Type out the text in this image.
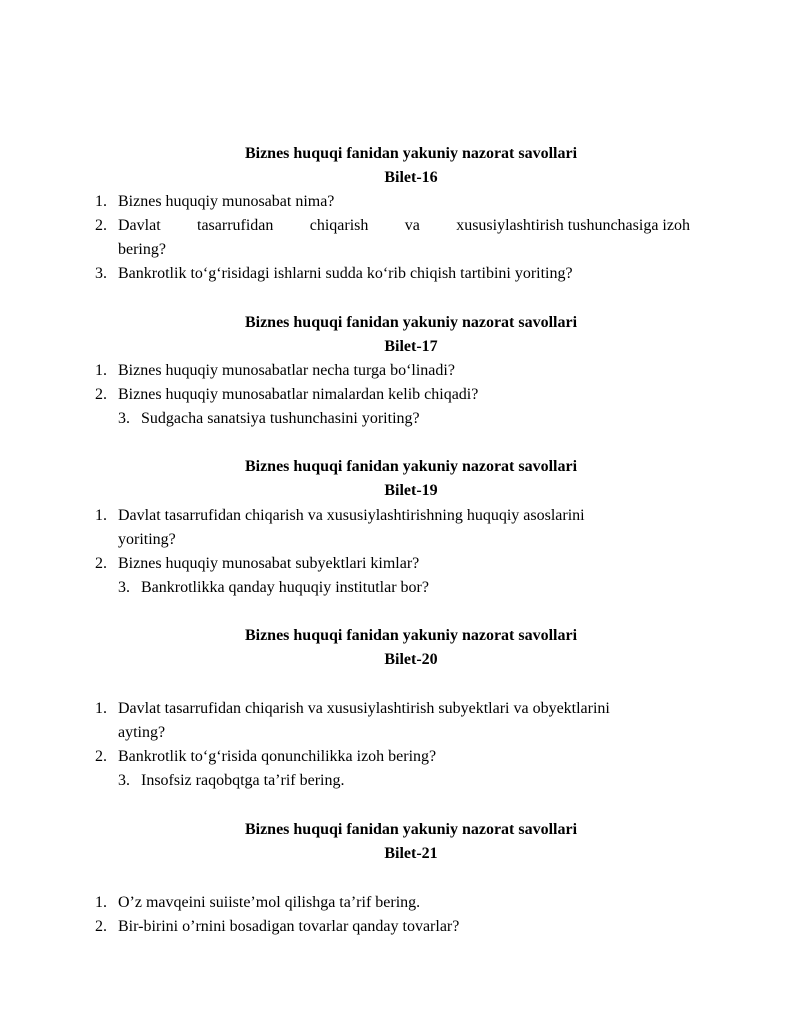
Biznes huquqi fanidan yakuniy nazorat savollari
Bilet-16
1. Biznes huquqiy munosabat nima?
2. Davlat tasarrufidan chiqarish va xususiylashtirish tushunchasiga izoh
bering?
3. Bankrotlik to‘g‘risidagi ishlarni sudda ko‘rib chiqish tartibini yoriting?
Biznes huquqi fanidan yakuniy nazorat savollari
Bilet-17
1. Biznes huquqiy munosabatlar necha turga bo‘linadi?
2. Biznes huquqiy munosabatlar nimalardan kelib chiqadi?
3. Sudgacha sanatsiya tushunchasini yoriting?
Biznes huquqi fanidan yakuniy nazorat savollari
Bilet-19
1. Davlat tasarrufidan chiqarish va xususiylashtirishning huquqiy asoslarini
yoriting?
2. Biznes huquqiy munosabat subyektlari kimlar?
3. Bankrotlikka qanday huquqiy institutlar bor?
Biznes huquqi fanidan yakuniy nazorat savollari
Bilet-20
1. Davlat tasarrufidan chiqarish va xususiylashtirish subyektlari va obyektlarini
ayting?
2. Bankrotlik to‘g‘risida qonunchilikka izoh bering?
3. Insofsiz raqobqtga ta’rif bering.
Biznes huquqi fanidan yakuniy nazorat savollari
Bilet-21
1. O’z mavqeini suiiste’mol qilishga ta’rif bering.
2. Bir-birini o’rnini bosadigan tovarlar qanday tovarlar?
